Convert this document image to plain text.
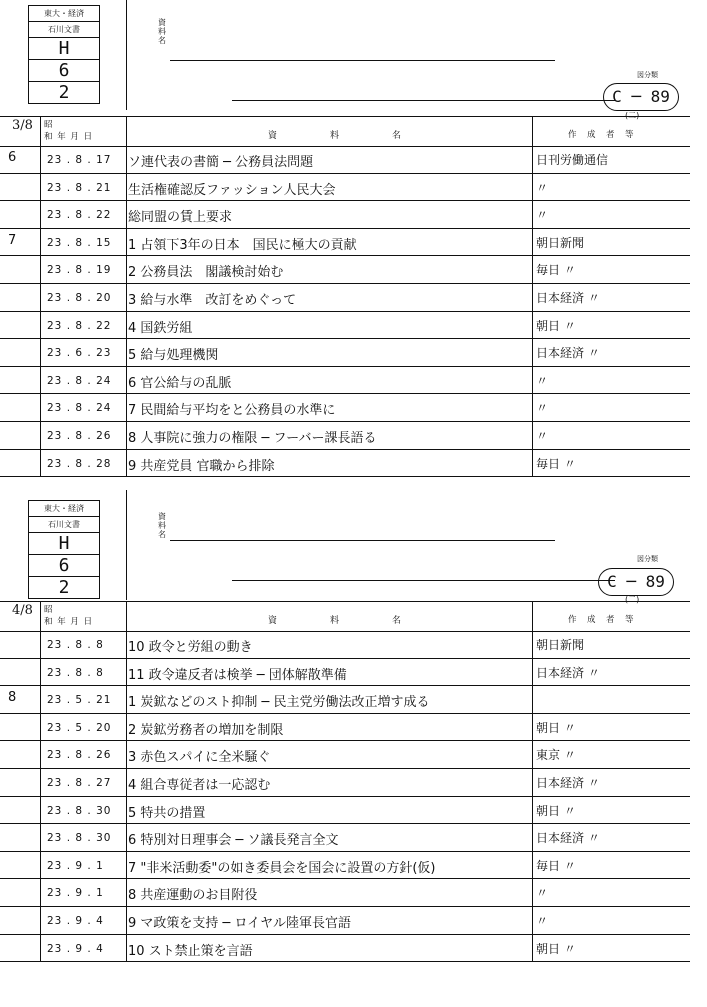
東大・経済
石川文書
H
6
2
資料名
図分類
C ─ 89
(二)
3/8 昭
和 年 月 日	資　料　名	作　成　者　等
6	23 . 8 . 17 ソ連代表の書簡 ─ 公務員法問題	日刊労働通信
23 . 8 . 21 生活権確認反ファッション人民大会	〃
23 . 8 . 22 総同盟の賃上要求	〃
7	23 . 8 . 15 1 占領下3年の日本　国民に極大の貢献	朝日新聞
23 . 8 . 19 2 公務員法　閣議検討始む	毎日 〃
23 . 8 . 20 3 給与水準　改訂をめぐって	日本経済 〃
23 . 8 . 22 4 国鉄労組	朝日 〃
23 . 6 . 23 5 給与処理機関	日本経済 〃
23 . 8 . 24 6 官公給与の乱脈	〃
23 . 8 . 24 7 民間給与平均をと公務員の水準に	〃
23 . 8 . 26 8 人事院に強力の権限 ─ フーバー課長語る	〃
23 . 8 . 28 9 共産党員 官職から排除	毎日 〃
東大・経済
石川文書
H
6
2
資料名
図分類
C ─ 89
(二)
4/8 昭
和 年 月 日	資　料　名	作　成　者　等
23 . 8 . 8 10 政令と労組の動き	朝日新聞
23 . 8 . 8 11 政令違反者は検挙 ─ 団体解散準備	日本経済 〃
8	23 . 5 . 21 1 炭鉱などのスト抑制 ─ 民主党労働法改正増す成る
23 . 5 . 20 2 炭鉱労務者の増加を制限	朝日 〃
23 . 8 . 26 3 赤色スパイに全米騒ぐ	東京 〃
23 . 8 . 27 4 組合専従者は一応認む	日本経済 〃
23 . 8 . 30 5 特共の措置	朝日 〃
23 . 8 . 30 6 特別対日理事会 ─ ソ議長発言全文	日本経済 〃
23 . 9 . 1 7 "非米活動委"の如き委員会を国会に設置の方針(仮)	毎日 〃
23 . 9 . 1 8 共産運動のお目附役	〃
23 . 9 . 4 9 マ政策を支持 ─ ロイヤル陸軍長官語	〃
23 . 9 . 4 10 スト禁止策を言語	朝日 〃
